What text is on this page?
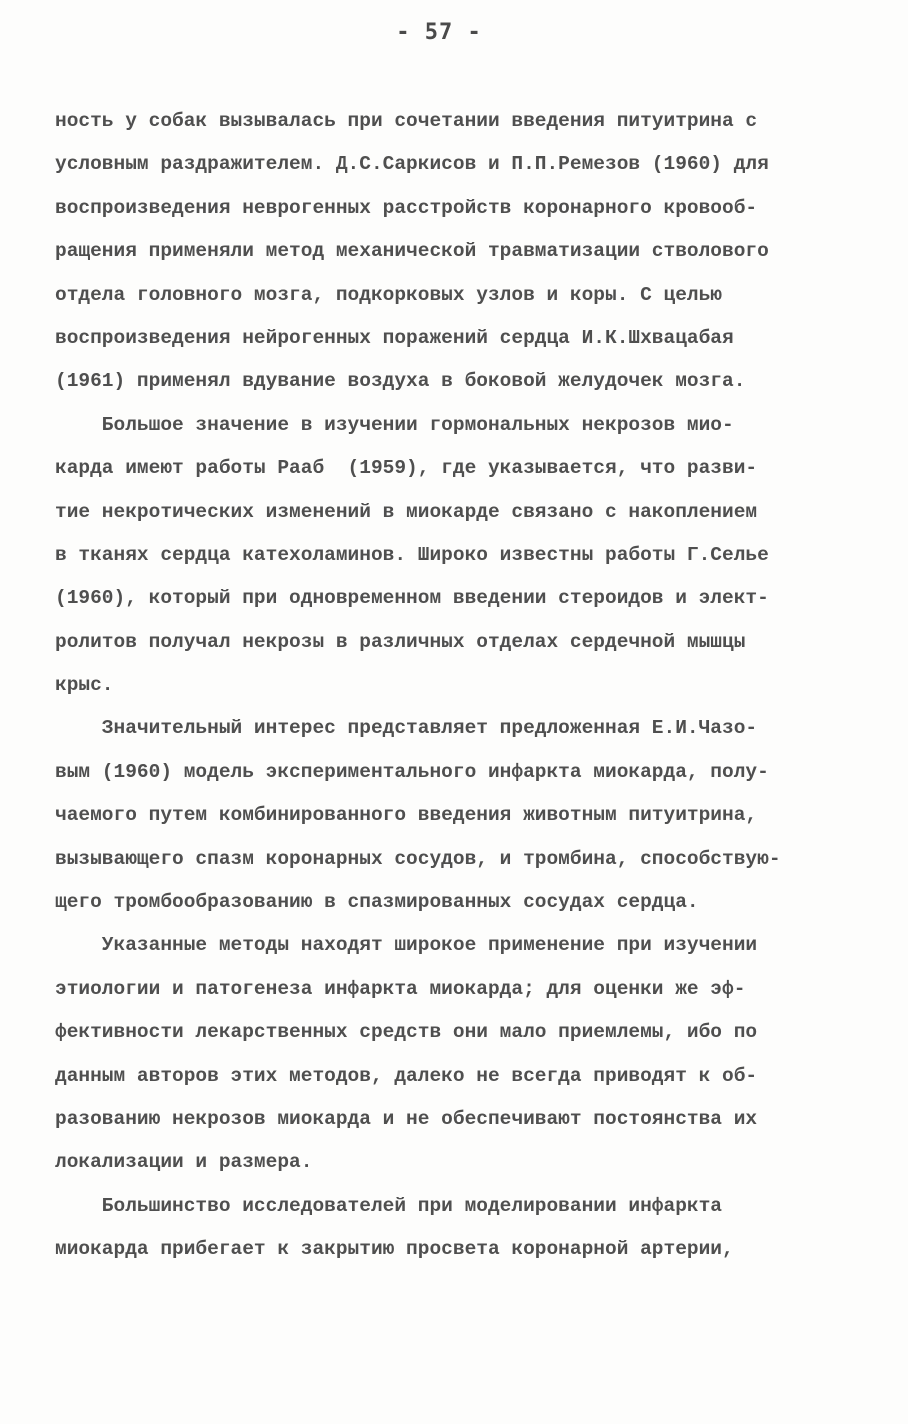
- 57 -
ность у собак вызывалась при сочетании введения питуитрина с
условным раздражителем. Д.С.Саркисов и П.П.Ремезов (1960) для
воспроизведения неврогенных расстройств коронарного кровооб-
ращения применяли метод механической травматизации стволового
отдела головного мозга, подкорковых узлов и коры. С целью
воспроизведения нейрогенных поражений сердца И.К.Шхвацабая
(1961) применял вдувание воздуха в боковой желудочек мозга.
Большое значение в изучении гормональных некрозов мио-
карда имеют работы Рааб  (1959), где указывается, что разви-
тие некротических изменений в миокарде связано с накоплением
в тканях сердца катехоламинов. Широко известны работы Г.Селье
(1960), который при одновременном введении стероидов и элект-
ролитов получал некрозы в различных отделах сердечной мышцы
крыс.
Значительный интерес представляет предложенная Е.И.Чазо-
вым (1960) модель экспериментального инфаркта миокарда, полу-
чаемого путем комбинированного введения животным питуитрина,
вызывающего спазм коронарных сосудов, и тромбина, способствую-
щего тромбообразованию в спазмированных сосудах сердца.
Указанные методы находят широкое применение при изучении
этиологии и патогенеза инфаркта миокарда; для оценки же эф-
фективности лекарственных средств они мало приемлемы, ибо по
данным авторов этих методов, далеко не всегда приводят к об-
разованию некрозов миокарда и не обеспечивают постоянства их
локализации и размера.
Большинство исследователей при моделировании инфаркта
миокарда прибегает к закрытию просвета коронарной артерии,
